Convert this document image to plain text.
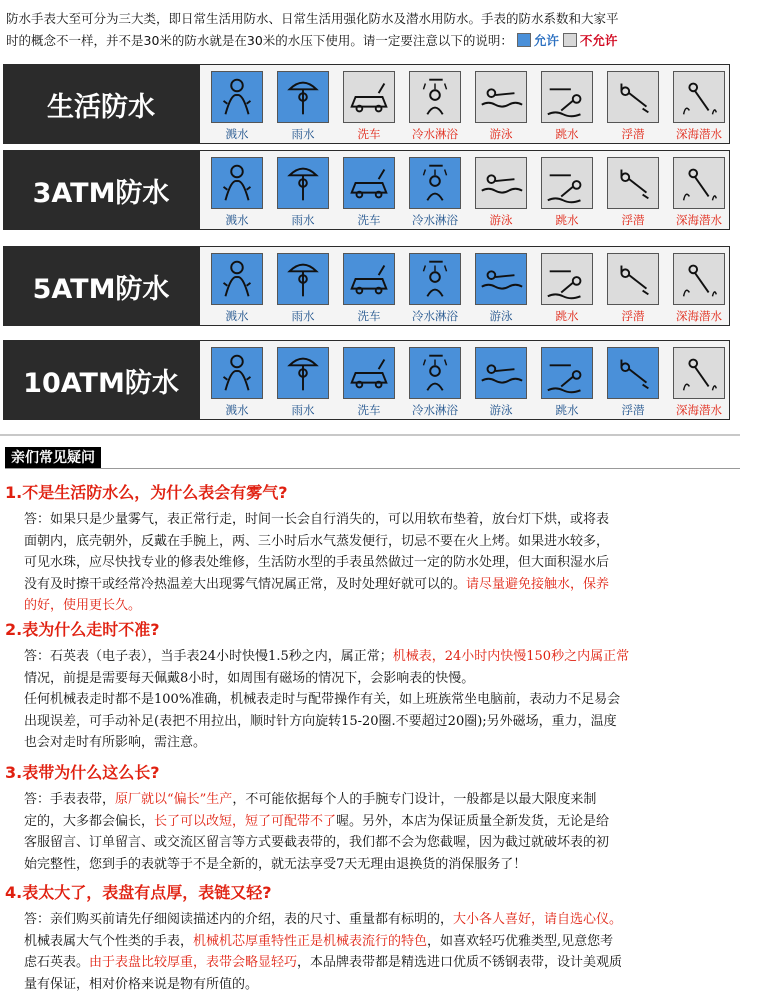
防水手表大至可分为三大类，即日常生活用防水、日常生活用强化防水及潜水用防水。手表的防水系数和大家平
时的概念不一样，并不是30米的防水就是在30米的水压下使用。请一定要注意以下的说明： 允许 不允许
生活防水
溅水	雨水	洗车	冷水淋浴	游泳	跳水	浮潜	深海潜水
3ATM防水
溅水	雨水	洗车	冷水淋浴	游泳	跳水	浮潜	深海潜水
5ATM防水
溅水	雨水	洗车	冷水淋浴	游泳	跳水	浮潜	深海潜水
10ATM防水
溅水	雨水	洗车	冷水淋浴	游泳	跳水	浮潜	深海潜水
亲们常见疑问
1.不是生活防水么，为什么表会有雾气?
答：如果只是少量雾气，表正常行走，时间一长会自行消失的，可以用软布垫着，放台灯下烘，或将表
面朝内，底壳朝外，反戴在手腕上，两、三小时后水气蒸发便行，切忌不要在火上烤。如果进水较多，
可见水珠，应尽快找专业的修表处维修，生活防水型的手表虽然做过一定的防水处理，但大面积湿水后
没有及时擦干或经常冷热温差大出现雾气情况属正常，及时处理好就可以的。请尽量避免接触水，保养
的好，使用更长久。
2.表为什么走时不准?
答：石英表（电子表），当手表24小时快慢1.5秒之内，属正常；机械表，24小时内快慢150秒之内属正常
情况，前提是需要每天佩戴8小时，如周围有磁场的情况下，会影响表的快慢。
任何机械表走时都不是100%准确，机械表走时与配带操作有关，如上班族常坐电脑前，表动力不足易会
出现误差，可手动补足(表把不用拉出，顺时针方向旋转15-20圈.不要超过20圈);另外磁场，重力，温度
也会对走时有所影响，需注意。
3.表带为什么这么长?
答：手表表带，原厂就以“偏长”生产，不可能依据每个人的手腕专门设计，一般都是以最大限度来制
定的，大多都会偏长，长了可以改短，短了可配带不了喔。另外，本店为保证质量全新发货，无论是给
客服留言、订单留言、或交流区留言等方式要截表带的，我们都不会为您截喔，因为截过就破坏表的初
始完整性，您到手的表就等于不是全新的，就无法享受7天无理由退换货的消保服务了！
4.表太大了，表盘有点厚，表链又轻?
答：亲们购买前请先仔细阅读描述内的介绍，表的尺寸、重量都有标明的，大小各人喜好，请自选心仪。
机械表属大气个性类的手表，机械机芯厚重特性正是机械表流行的特色，如喜欢轻巧优雅类型,见意您考
虑石英表。由于表盘比较厚重，表带会略显轻巧，本品牌表带都是精选进口优质不锈钢表带，设计美观质
量有保证，相对价格来说是物有所值的。
